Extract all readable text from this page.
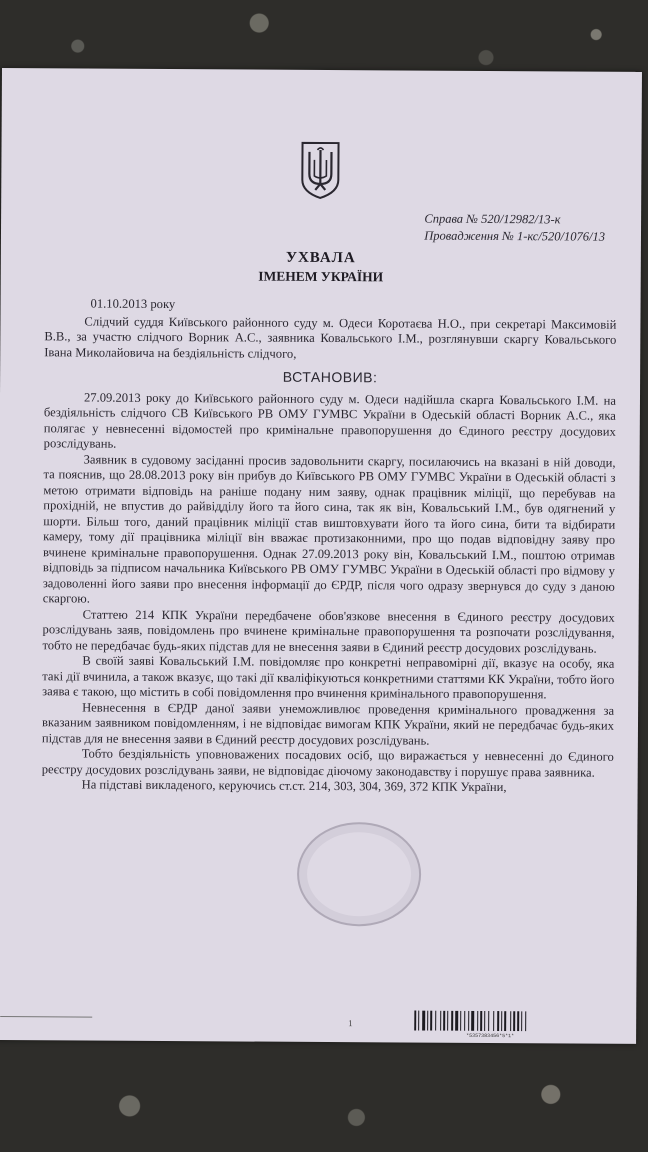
Справа № 520/12982/13-к
Провадження № 1-кс/520/1076/13
УХВАЛА
ІМЕНЕМ УКРАЇНИ

01.10.2013 року

Слідчий суддя Київського районного суду м. Одеси Коротаєва Н.О., при секретарі Максимовій В.В., за участю слідчого Ворник А.С., заявника Ковальського І.М., розглянувши скаргу Ковальського Івана Миколайовича на бездіяльність слідчого,

ВСТАНОВИВ:

27.09.2013 року до Київського районного суду м. Одеси надійшла скарга Ковальського І.М. на бездіяльність слідчого СВ Київського РВ ОМУ ГУМВС України в Одеській області Ворник А.С., яка полягає у невнесенні відомостей про кримінальне правопорушення до Єдиного реєстру досудових розслідувань.

Заявник в судовому засіданні просив задовольнити скаргу, посилаючись на вказані в ній доводи, та пояснив, що 28.08.2013 року він прибув до Київського РВ ОМУ ГУМВС України в Одеській області з метою отримати відповідь на раніше подану ним заяву, однак працівник міліції, що перебував на прохідній, не впустив до райвідділу його та його сина, так як він, Ковальський І.М., був одягнений у шорти. Більш того, даний працівник міліції став виштовхувати його та його сина, бити та відбирати камеру, тому дії працівника міліції він вважає протизаконними, про що подав відповідну заяву про вчинене кримінальне правопорушення. Однак 27.09.2013 року він, Ковальський І.М., поштою отримав відповідь за підписом начальника Київського РВ ОМУ ГУМВС України в Одеській області про відмову у задоволенні його заяви про внесення інформації до ЄРДР, після чого одразу звернувся до суду з даною скаргою.

Статтею 214 КПК України передбачене обов'язкове внесення в Єдиного реєстру досудових розслідувань заяв, повідомлень про вчинене кримінальне правопорушення та розпочати розслідування, тобто не передбачає будь-яких підстав для не внесення заяви в Єдиний реєстр досудових розслідувань.

В своїй заяві Ковальський І.М. повідомляє про конкретні неправомірні дії, вказує на особу, яка такі дії вчинила, а також вказує, що такі дії кваліфікуються конкретними статтями КК України, тобто його заява є такою, що містить в собі повідомлення про вчинення кримінального правопорушення.

Невнесення в ЄРДР даної заяви унеможливлює проведення кримінального провадження за вказаним заявником повідомленням, і не відповідає вимогам КПК України, який не передбачає будь-яких підстав для не внесення заяви в Єдиний реєстр досудових розслідувань.

Тобто бездіяльність уповноважених посадових осіб, що виражається у невнесенні до Єдиного реєстру досудових розслідувань заяви, не відповідає діючому законодавству і порушує права заявника.

На підставі викладеного, керуючись ст.ст. 214, 303, 304, 369, 372 КПК України,

1
*5357383456*5*1*
